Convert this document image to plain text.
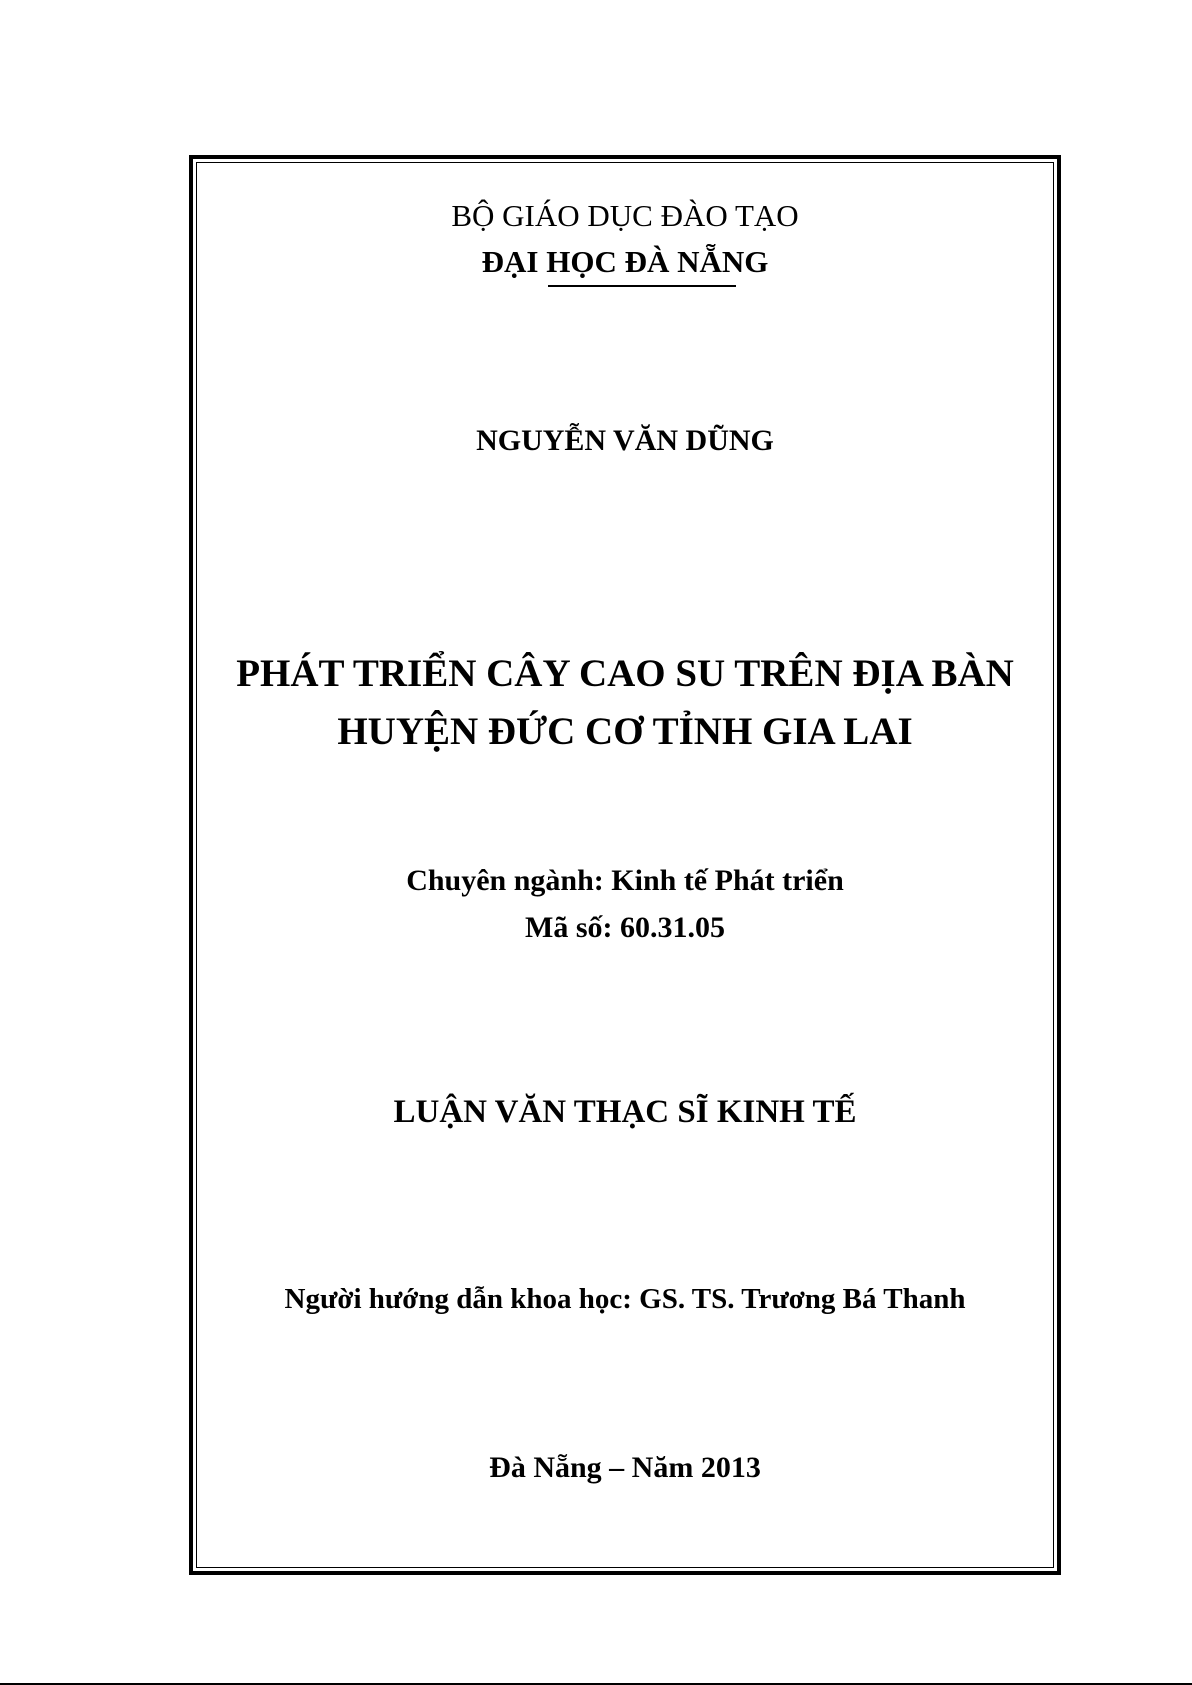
BỘ GIÁO DỤC ĐÀO TẠO
ĐẠI HỌC ĐÀ NẴNG
NGUYỄN VĂN DŨNG
PHÁT TRIỂN CÂY CAO SU TRÊN ĐỊA BÀN
HUYỆN ĐỨC CƠ TỈNH GIA LAI
Chuyên ngành: Kinh tế Phát triển
Mã số: 60.31.05
LUẬN VĂN THẠC SĨ KINH TẾ
Người hướng dẫn khoa học: GS. TS. Trương Bá Thanh
Đà Nẵng – Năm 2013
